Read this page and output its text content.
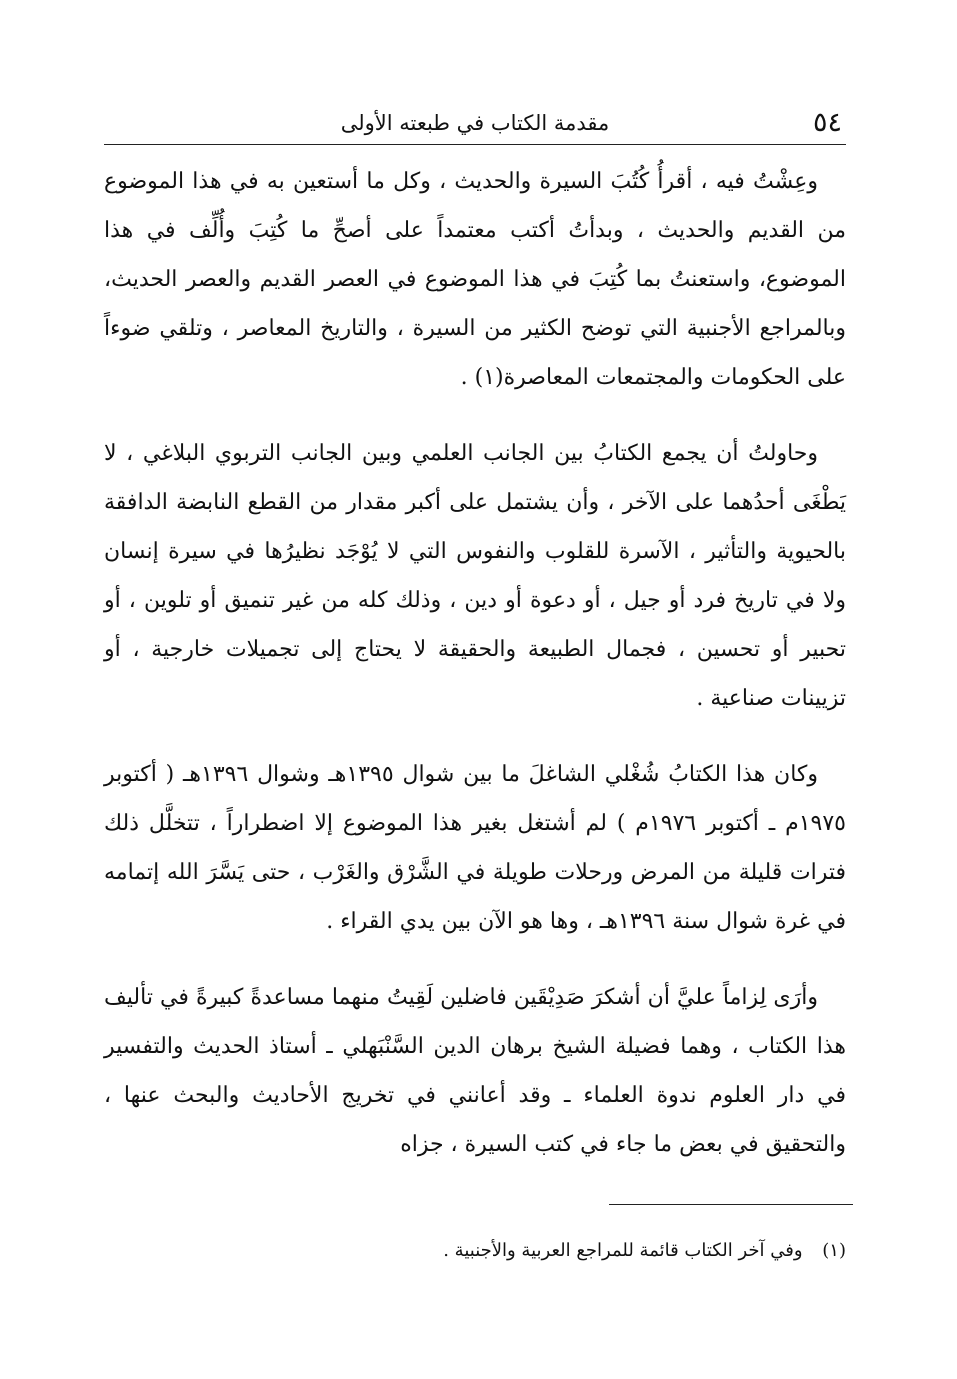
٥٤
مقدمة الكتاب في طبعته الأولى

وعِشْتُ فيه ، أقرأُ كُتُبَ السيرة والحديث ، وكل ما أستعين به في هذا الموضوع من القديم والحديث ، وبدأتُ أكتب معتمداً على أصحِّ ما كُتِبَ وأُلِّف في هذا الموضوع، واستعنتُ بما كُتِبَ في هذا الموضوع في العصر القديم والعصر الحديث، وبالمراجع الأجنبية التي توضح الكثير من السيرة ، والتاريخ المعاصر ، وتلقي ضوءاً على الحكومات والمجتمعات المعاصرة(١) .

وحاولتُ أن يجمع الكتابُ بين الجانب العلمي وبين الجانب التربوي البلاغي ، لا يَطْغَى أحدُهما على الآخر ، وأن يشتمل على أكبر مقدار من القطع النابضة الدافقة بالحيوية والتأثير ، الآسرة للقلوب والنفوس التي لا يُوْجَد نظيرُها في سيرة إنسان ولا في تاريخ فرد أو جيل ، أو دعوة أو دين ، وذلك كله من غير تنميق أو تلوين ، أو تحبير أو تحسين ، فجمال الطبيعة والحقيقة لا يحتاج إلى تجميلات خارجية ، أو تزيينات صناعية .

وكان هذا الكتابُ شُغْلي الشاغلَ ما بين شوال ١٣٩٥هـ وشوال ١٣٩٦هـ ( أكتوبر ١٩٧٥م ـ أكتوبر ١٩٧٦م ) لم أشتغل بغير هذا الموضوع إلا اضطراراً ، تتخلَّل ذلك فترات قليلة من المرض ورحلات طويلة في الشَّرْق والغَرْب ، حتى يَسَّرَ الله إتمامه في غرة شوال سنة ١٣٩٦هـ ، وها هو الآن بين يدي القراء .

وأرَى لِزاماً عليَّ أن أشكرَ صَدِيْقَين فاضلين لَقِيتُ منهما مساعدةً كبيرةً في تأليف هذا الكتاب ، وهما فضيلة الشيخ برهان الدين السَّنْبَهلي ـ أستاذ الحديث والتفسير في دار العلوم ندوة العلماء ـ وقد أعانني في تخريج الأحاديث والبحث عنها ، والتحقيق في بعض ما جاء في كتب السيرة ، جزاه

(١) وفي آخر الكتاب قائمة للمراجع العربية والأجنبية .
